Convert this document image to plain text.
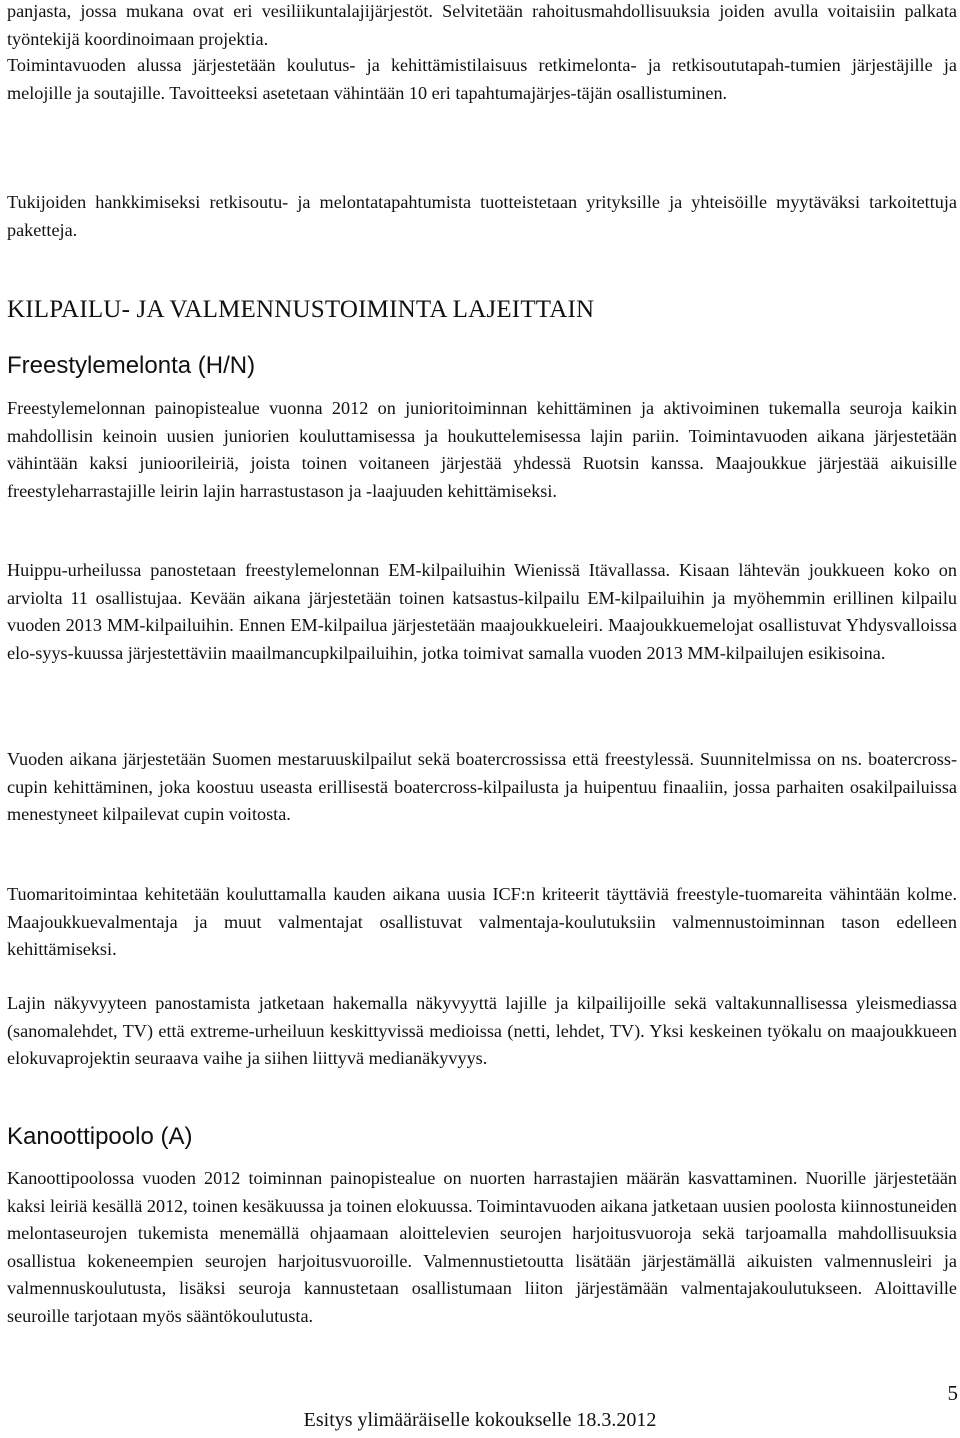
panjasta, jossa mukana ovat eri vesiliikuntalajijärjestöt. Selvitetään rahoitusmahdollisuuksia joiden avulla voitaisiin palkata työntekijä koordinoimaan projektia.

Toimintavuoden alussa järjestetään koulutus- ja kehittämistilaisuus retkimelonta- ja retkisoututapah-tumien järjestäjille ja melojille ja soutajille. Tavoitteeksi asetetaan vähintään 10 eri tapahtumajärjes-täjän osallistuminen.

Tukijoiden hankkimiseksi retkisoutu- ja melontatapahtumista tuotteistetaan yrityksille ja yhteisöille myytäväksi tarkoitettuja paketteja.

KILPAILU- JA VALMENNUSTOIMINTA LAJEITTAIN
Freestylemelonta (H/N)

Freestylemelonnan painopistealue vuonna 2012 on junioritoiminnan kehittäminen ja aktivoiminen tukemalla seuroja kaikin mahdollisin keinoin uusien juniorien kouluttamisessa ja houkuttelemisessa lajin pariin. Toimintavuoden aikana järjestetään vähintään kaksi junioorileiriä, joista toinen voitaneen järjestää yhdessä Ruotsin kanssa. Maajoukkue järjestää aikuisille freestyleharrastajille leirin lajin harrastustason ja -laajuuden kehittämiseksi.

Huippu-urheilussa panostetaan freestylemelonnan EM-kilpailuihin Wienissä Itävallassa. Kisaan lähtevän joukkueen koko on arviolta 11 osallistujaa. Kevään aikana järjestetään toinen katsastus-kilpailu EM-kilpailuihin ja myöhemmin erillinen kilpailu vuoden 2013 MM-kilpailuihin. Ennen EM-kilpailua järjestetään maajoukkueleiri. Maajoukkuemelojat osallistuvat Yhdysvalloissa elo-syys-kuussa järjestettäviin maailmancupkilpailuihin, jotka toimivat samalla vuoden 2013 MM-kilpailujen esikisoina.

Vuoden aikana järjestetään Suomen mestaruuskilpailut sekä boatercrossissa että freestylessä. Suunnitelmissa on ns. boatercross-cupin kehittäminen, joka koostuu useasta erillisestä boatercross-kilpailusta ja huipentuu finaaliin, jossa parhaiten osakilpailuissa menestyneet kilpailevat cupin voitosta.

Tuomaritoimintaa kehitetään kouluttamalla kauden aikana uusia ICF:n kriteerit täyttäviä freestyle-tuomareita vähintään kolme. Maajoukkuevalmentaja ja muut valmentajat osallistuvat valmentaja-koulutuksiin valmennustoiminnan tason edelleen kehittämiseksi.

Lajin näkyvyyteen panostamista jatketaan hakemalla näkyvyyttä lajille ja kilpailijoille sekä valtakunnallisessa yleismediassa (sanomalehdet, TV) että extreme-urheiluun keskittyvissä medioissa (netti, lehdet, TV). Yksi keskeinen työkalu on maajoukkueen elokuvaprojektin seuraava vaihe ja siihen liittyvä medianäkyvyys.

Kanoottipoolo (A)

Kanoottipoolossa vuoden 2012 toiminnan painopistealue on nuorten harrastajien määrän kasvattaminen. Nuorille järjestetään kaksi leiriä kesällä 2012, toinen kesäkuussa ja toinen elokuussa. Toimintavuoden aikana jatketaan uusien poolosta kiinnostuneiden melontaseurojen tukemista menemällä ohjaamaan aloittelevien seurojen harjoitusvuoroja sekä tarjoamalla mahdollisuuksia osallistua kokeneempien seurojen harjoitusvuoroille. Valmennustietoutta lisätään järjestämällä aikuisten valmennusleiri ja valmennuskoulutusta, lisäksi seuroja kannustetaan osallistumaan liiton järjestämään valmentajakoulutukseen. Aloittaville seuroille tarjotaan myös sääntökoulutusta.

5
Esitys ylimääräiselle kokoukselle 18.3.2012
